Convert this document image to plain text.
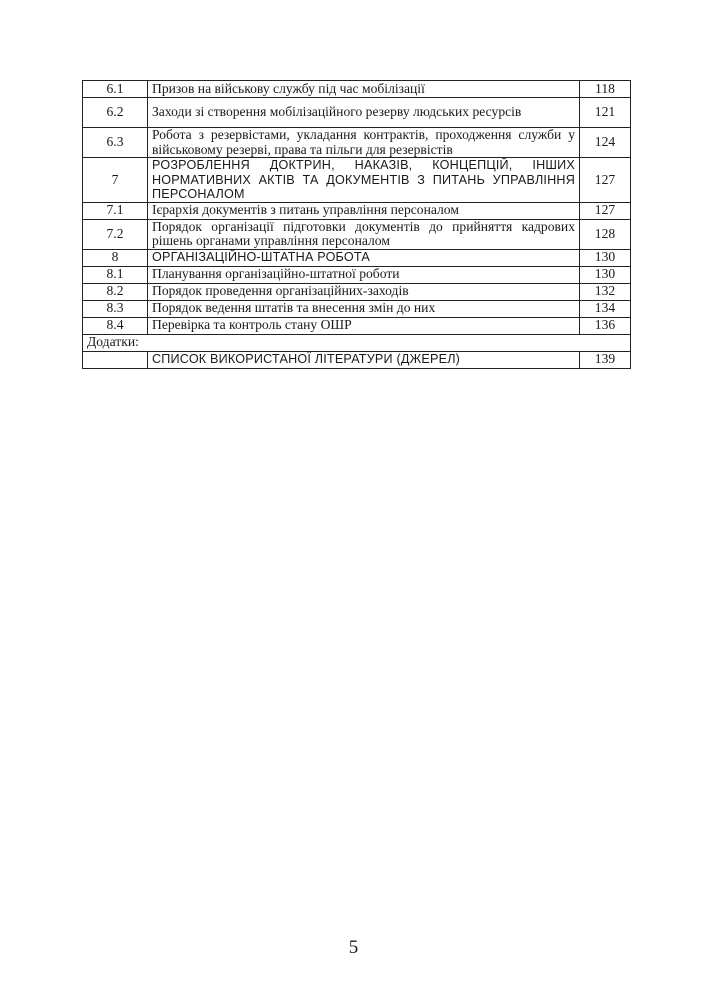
6.1	Призов на військову службу під час мобілізації	118
6.2	Заходи зі створення мобілізаційного резерву людських ресурсів	121
6.3	Робота з резервістами, укладання контрактів, проходження служби у військовому резерві, права та пільги для резервістів	124
7	РОЗРОБЛЕННЯ ДОКТРИН, НАКАЗІВ, КОНЦЕПЦІЙ, ІНШИХ НОРМАТИВНИХ АКТІВ ТА ДОКУМЕНТІВ З ПИТАНЬ УПРАВЛІННЯ ПЕРСОНАЛОМ	127
7.1	Ієрархія документів з питань управління персоналом	127
7.2	Порядок організації підготовки документів до прийняття кадрових рішень органами управління персоналом	128
8	ОРГАНІЗАЦІЙНО-ШТАТНА РОБОТА	130
8.1	Планування організаційно-штатної роботи	130
8.2	Порядок проведення організаційних-заходів	132
8.3	Порядок ведення штатів та внесення змін до них	134
8.4	Перевірка та контроль стану ОШР	136
Додатки:		
	СПИСОК ВИКОРИСТАНОЇ ЛІТЕРАТУРИ (ДЖЕРЕЛ)	139
5
